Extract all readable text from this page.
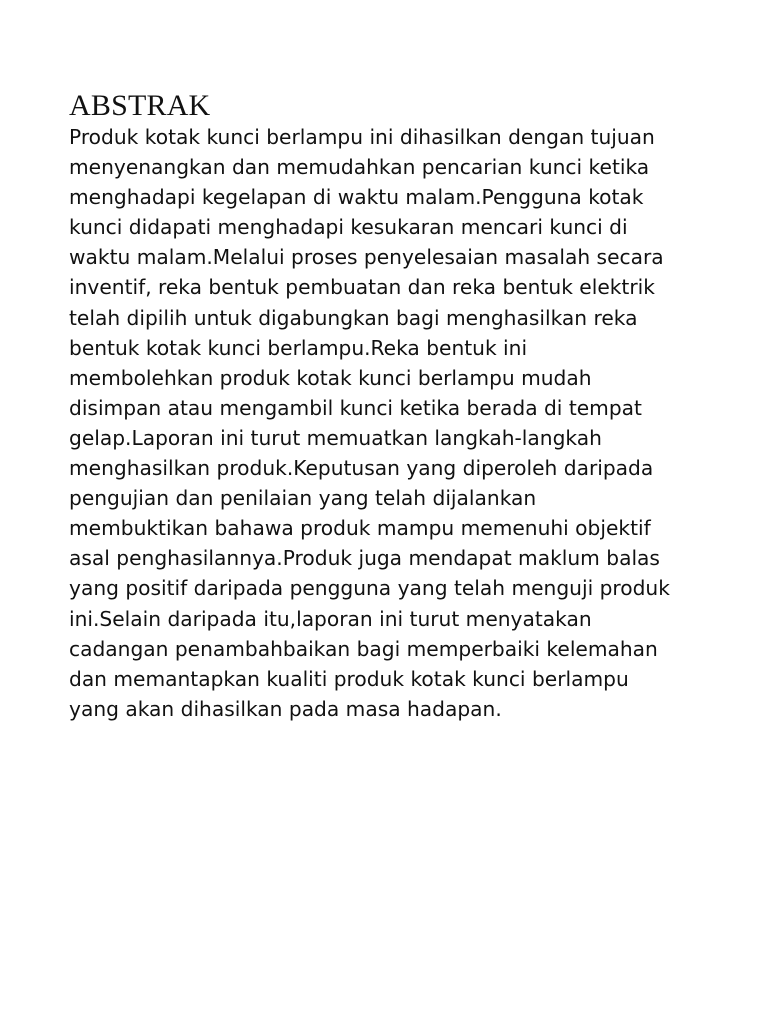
ABSTRAK

Produk kotak kunci berlampu ini dihasilkan dengan tujuan
menyenangkan dan memudahkan pencarian kunci ketika
menghadapi kegelapan di waktu malam.Pengguna kotak
kunci didapati menghadapi kesukaran mencari kunci di
waktu malam.Melalui proses penyelesaian masalah secara
inventif, reka bentuk pembuatan dan reka bentuk elektrik
telah dipilih untuk digabungkan bagi menghasilkan reka
bentuk kotak kunci berlampu.Reka bentuk ini
membolehkan produk kotak kunci berlampu mudah
disimpan atau mengambil kunci ketika berada di tempat
gelap.Laporan ini turut memuatkan langkah-langkah
menghasilkan produk.Keputusan yang diperoleh daripada
pengujian dan penilaian yang telah dijalankan
membuktikan bahawa produk mampu memenuhi objektif
asal penghasilannya.Produk juga mendapat maklum balas
yang positif daripada pengguna yang telah menguji produk
ini.Selain daripada itu,laporan ini turut menyatakan
cadangan penambahbaikan bagi memperbaiki kelemahan
dan memantapkan kualiti produk kotak kunci berlampu
yang akan dihasilkan pada masa hadapan.
